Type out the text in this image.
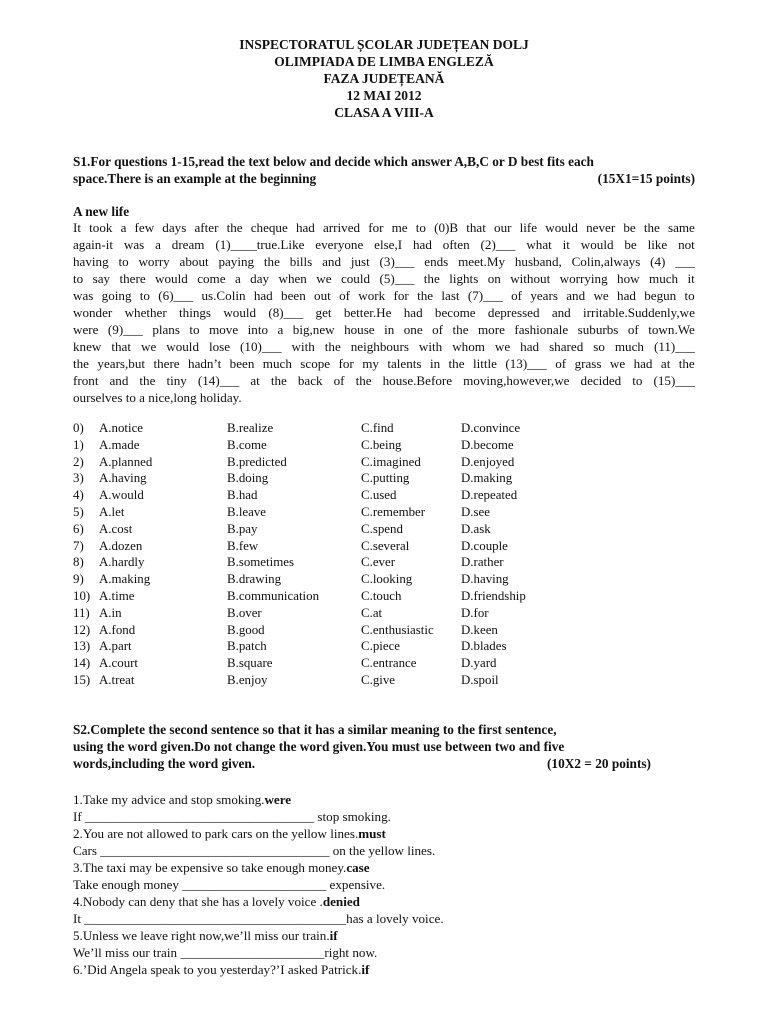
INSPECTORATUL ȘCOLAR JUDEȚEAN DOLJ
OLIMPIADA DE LIMBA ENGLEZĂ
FAZA JUDEȚEANĂ
12 MAI 2012
CLASA A VIII-A
S1.For questions 1-15,read the text below and decide which answer A,B,C or D best fits each
space.There is an example at the beginning	(15X1=15 points)
A new life
It took a few days after the cheque had arrived for me to (0)B that our life would never be the same
again-it was a dream (1)____true.Like everyone else,I had often (2)___ what it would be like not
having to worry about paying the bills and just (3)___ ends meet.My husband, Colin,always (4) ___
to say there would come a day when we could (5)___ the lights on without worrying how much it
was going to (6)___ us.Colin had been out of work for the last (7)___ of years and we had begun to
wonder whether things would (8)___ get better.He had become depressed and irritable.Suddenly,we
were (9)___ plans to move into a big,new house in one of the more fashionale suburbs of town.We
knew that we would lose (10)___ with the neighbours with whom we had shared so much (11)___
the years,but there hadn’t been much scope for my talents in the little (13)___ of grass we had at the
front and the tiny (14)___ at the back of the house.Before moving,however,we decided to (15)___
ourselves to a nice,long holiday.
0) A.notice	B.realize	C.find	D.convince
1) A.made	B.come	C.being	D.become
2) A.planned	B.predicted	C.imagined	D.enjoyed
3) A.having	B.doing	C.putting	D.making
4) A.would	B.had	C.used	D.repeated
5) A.let	B.leave	C.remember	D.see
6) A.cost	B.pay	C.spend	D.ask
7) A.dozen	B.few	C.several	D.couple
8) A.hardly	B.sometimes	C.ever	D.rather
9) A.making	B.drawing	C.looking	D.having
10) A.time	B.communication	C.touch	D.friendship
11) A.in	B.over	C.at	D.for
12) A.fond	B.good	C.enthusiastic D.keen
13) A.part	B.patch	C.piece	D.blades
14) A.court	B.square	C.entrance	D.yard
15) A.treat	B.enjoy	C.give	D.spoil
S2.Complete the second sentence so that it has a similar meaning to the first sentence,
using the word given.Do not change the word given.You must use between two and five
words,including the word given.	(10X2 = 20 points)
1.Take my advice and stop smoking.were
If ___________________________________ stop smoking.
2.You are not allowed to park cars on the yellow lines.must
Cars ___________________________________ on the yellow lines.
3.The taxi may be expensive so take enough money.case
Take enough money ______________________ expensive.
4.Nobody can deny that she has a lovely voice .denied
It ________________________________________has a lovely voice.
5.Unless we leave right now,we’ll miss our train.if
We’ll miss our train ______________________right now.
6.’Did Angela speak to you yesterday?’I asked Patrick.if
